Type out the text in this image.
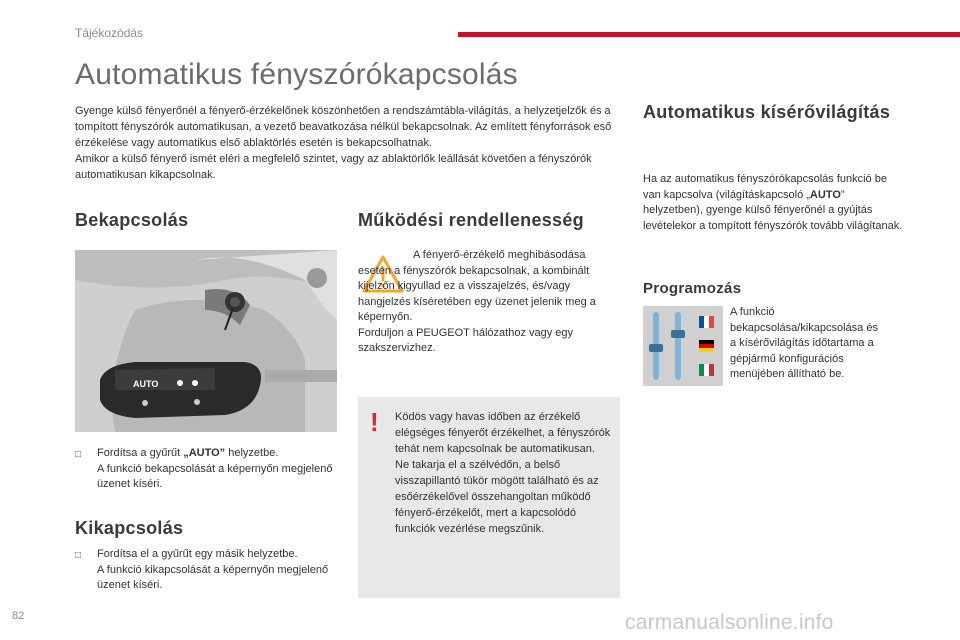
Tájékozódás
Automatikus fényszórókapcsolás

Gyenge külső fényerőnél a fényerő-érzékelőnek köszönhetően a rendszámtábla-világítás, a helyzetjelzők és a tompított fényszórók automatikusan, a vezető beavatkozása nélkül bekapcsolnak. Az említett fényforrások eső érzékelése vagy automatikus első ablaktörlés esetén is bekapcsolhatnak.

Amikor a külső fényerő ismét eléri a megfelelő szintet, vagy az ablaktörlők leállását követően a fényszórók automatikusan kikapcsolnak.

Bekapcsolás
AUTO
□	Fordítsa a gyűrűt „AUTO” helyzetbe.
A funkció bekapcsolását a képernyőn megjelenő üzenet kíséri.

Kikapcsolás
□	Fordítsa el a gyűrűt egy másik helyzetbe.
A funkció kikapcsolását a képernyőn megjelenő üzenet kíséri.

Működési rendellenesség

A fényerő-érzékelő meghibásodása esetén a fényszórók bekapcsolnak, a kombinált kijelzőn kigyullad ez a visszajelzés, és/vagy hangjelzés kíséretében egy üzenet jelenik meg a képernyőn.

Forduljon a PEUGEOT hálózathoz vagy egy szakszervizhez.

! Ködös vagy havas időben az érzékelő elégséges fényerőt érzékelhet, a fényszórók tehát nem kapcsolnak be automatikusan.

Ne takarja el a szélvédőn, a belső visszapillantó tükör mögött található és az esőérzékelővel összehangoltan működő fényerő-érzékelőt, mert a kapcsolódó funkciók vezérlése megszűnik.

Automatikus kísérővilágítás

Ha az automatikus fényszórókapcsolás funkció be van kapcsolva (világításkapcsoló „AUTO” helyzetben), gyenge külső fényerőnél a gyújtás levételekor a tompított fényszórók tovább világítanak.

Programozás

A funkció bekapcsolása/kikapcsolása és a kísérővilágítás időtartama a gépjármű konfigurációs menüjében állítható be.

82	carmanualsonline.info
